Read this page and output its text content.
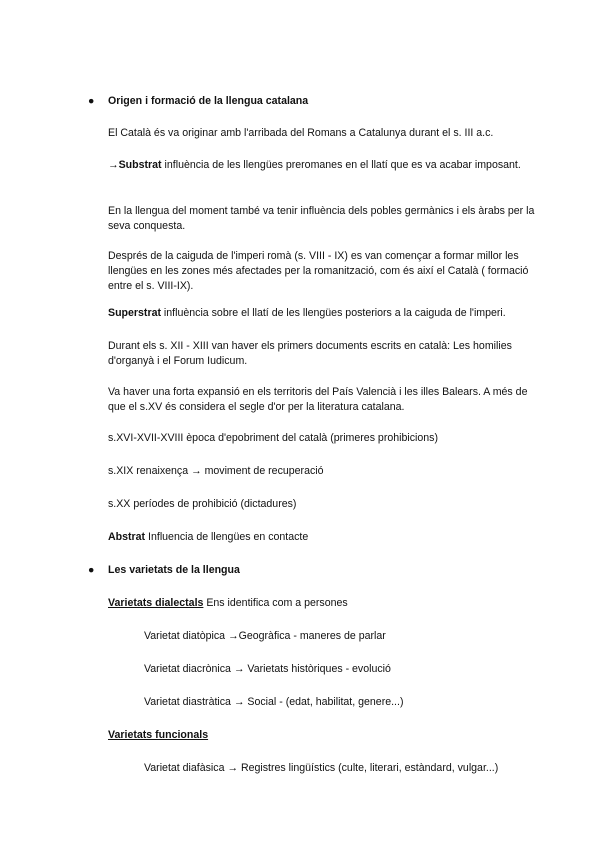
● Origen i formació de la llengua catalana
El Català és va originar amb l'arribada del Romans a Catalunya durant el s. III a.c.
→Substrat influència de les llengües preromanes en el llatí que es va acabar imposant.
En la llengua del moment també va tenir influència dels pobles germànics i els àrabs per la seva conquesta.
Després de la caiguda de l'imperi romà (s. VIII - IX) es van començar a formar millor les llengües en les zones més afectades per la romanització, com és així el Català ( formació entre el s. VIII-IX).
Superstrat influència sobre el llatí de les llengües posteriors a la caiguda de l'imperi.
Durant els s. XII - XIII van haver els primers documents escrits en català: Les homilies d'organyà i el Forum Iudicum.
Va haver una forta expansió en els territoris del País Valencià i les illes Balears. A més de que el s.XV és considera el segle d'or per la literatura catalana.
s.XVI-XVII-XVIII època d'epobriment del català (primeres prohibicions)
s.XIX renaixença → moviment de recuperació
s.XX períodes de prohibició (dictadures)
Abstrat Influencia de llengües en contacte
● Les varietats de la llengua
Varietats dialectals Ens identifica com a persones
Varietat diatòpica →Geogràfica - maneres de parlar
Varietat diacrònica → Varietats històriques - evolució
Varietat diastràtica → Social - (edat, habilitat, genere...)
Varietats funcionals
Varietat diafàsica → Registres lingüístics (culte, literari, estàndard, vulgar...)
